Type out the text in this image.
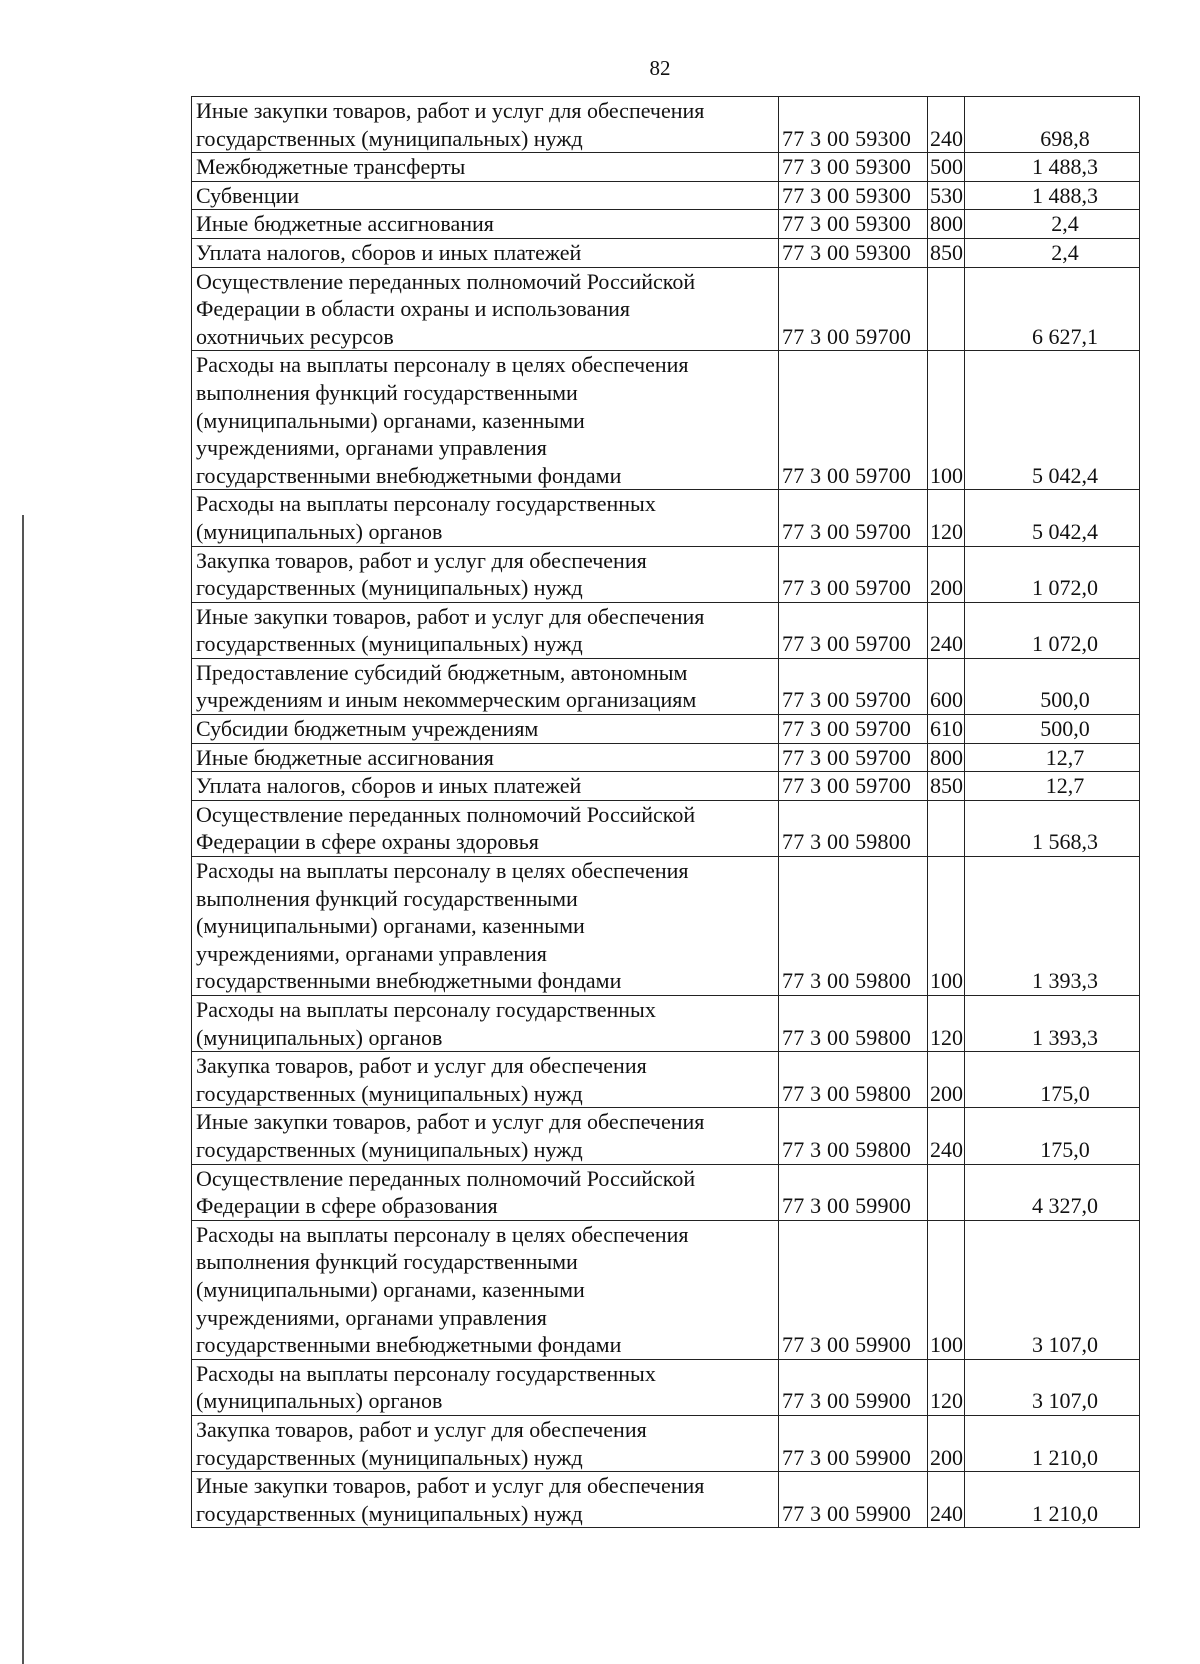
82
Иные закупки товаров, работ и услуг для обеспечения
государственных (муниципальных) нужд	77 3 00 59300	240	698,8
Межбюджетные трансферты	77 3 00 59300	500	1 488,3
Субвенции	77 3 00 59300	530	1 488,3
Иные бюджетные ассигнования	77 3 00 59300	800	2,4
Уплата налогов, сборов и иных платежей	77 3 00 59300	850	2,4
Осуществление переданных полномочий Российской
Федерации в области охраны и использования
охотничьих ресурсов	77 3 00 59700		6 627,1
Расходы на выплаты персоналу в целях обеспечения
выполнения функций государственными
(муниципальными) органами, казенными
учреждениями, органами управления
государственными внебюджетными фондами	77 3 00 59700	100	5 042,4
Расходы на выплаты персоналу государственных
(муниципальных) органов	77 3 00 59700	120	5 042,4
Закупка товаров, работ и услуг для обеспечения
государственных (муниципальных) нужд	77 3 00 59700	200	1 072,0
Иные закупки товаров, работ и услуг для обеспечения
государственных (муниципальных) нужд	77 3 00 59700	240	1 072,0
Предоставление субсидий бюджетным, автономным
учреждениям и иным некоммерческим организациям	77 3 00 59700	600	500,0
Субсидии бюджетным учреждениям	77 3 00 59700	610	500,0
Иные бюджетные ассигнования	77 3 00 59700	800	12,7
Уплата налогов, сборов и иных платежей	77 3 00 59700	850	12,7
Осуществление переданных полномочий Российской
Федерации в сфере охраны здоровья	77 3 00 59800		1 568,3
Расходы на выплаты персоналу в целях обеспечения
выполнения функций государственными
(муниципальными) органами, казенными
учреждениями, органами управления
государственными внебюджетными фондами	77 3 00 59800	100	1 393,3
Расходы на выплаты персоналу государственных
(муниципальных) органов	77 3 00 59800	120	1 393,3
Закупка товаров, работ и услуг для обеспечения
государственных (муниципальных) нужд	77 3 00 59800	200	175,0
Иные закупки товаров, работ и услуг для обеспечения
государственных (муниципальных) нужд	77 3 00 59800	240	175,0
Осуществление переданных полномочий Российской
Федерации в сфере образования	77 3 00 59900		4 327,0
Расходы на выплаты персоналу в целях обеспечения
выполнения функций государственными
(муниципальными) органами, казенными
учреждениями, органами управления
государственными внебюджетными фондами	77 3 00 59900	100	3 107,0
Расходы на выплаты персоналу государственных
(муниципальных) органов	77 3 00 59900	120	3 107,0
Закупка товаров, работ и услуг для обеспечения
государственных (муниципальных) нужд	77 3 00 59900	200	1 210,0
Иные закупки товаров, работ и услуг для обеспечения
государственных (муниципальных) нужд	77 3 00 59900	240	1 210,0
